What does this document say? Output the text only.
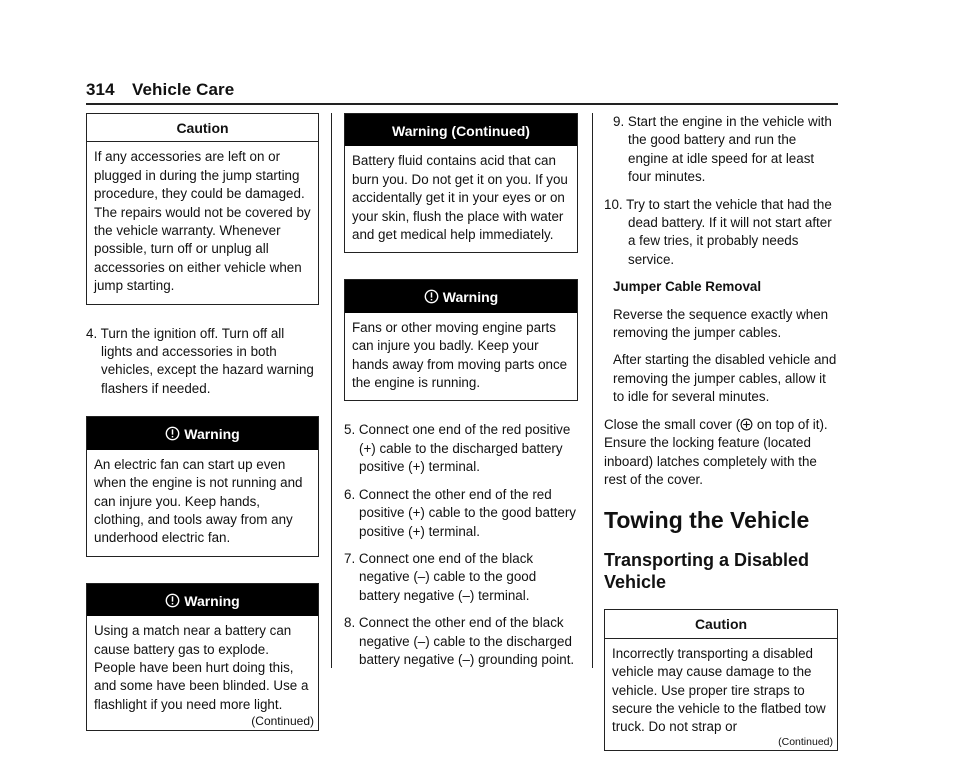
314 Vehicle Care
Caution
If any accessories are left on or plugged in during the jump starting procedure, they could be damaged. The repairs would not be covered by the vehicle warranty. Whenever possible, turn off or unplug all accessories on either vehicle when jump starting.
4. Turn the ignition off. Turn off all lights and accessories in both vehicles, except the hazard warning flashers if needed.
Warning
An electric fan can start up even when the engine is not running and can injure you. Keep hands, clothing, and tools away from any underhood electric fan.
Warning
Using a match near a battery can cause battery gas to explode. People have been hurt doing this, and some have been blinded. Use a flashlight if you need more light.
(Continued)
Warning (Continued)
Battery fluid contains acid that can burn you. Do not get it on you. If you accidentally get it in your eyes or on your skin, flush the place with water and get medical help immediately.
Warning
Fans or other moving engine parts can injure you badly. Keep your hands away from moving parts once the engine is running.
5. Connect one end of the red positive (+) cable to the discharged battery positive (+) terminal.
6. Connect the other end of the red positive (+) cable to the good battery positive (+) terminal.
7. Connect one end of the black negative (–) cable to the good battery negative (–) terminal.
8. Connect the other end of the black negative (–) cable to the discharged battery negative (–) grounding point.
9. Start the engine in the vehicle with the good battery and run the engine at idle speed for at least four minutes.
10. Try to start the vehicle that had the dead battery. If it will not start after a few tries, it probably needs service.
Jumper Cable Removal

Reverse the sequence exactly when removing the jumper cables.

After starting the disabled vehicle and removing the jumper cables, allow it to idle for several minutes.

Close the small cover ( on top of it). Ensure the locking feature (located inboard) latches completely with the rest of the cover.

Towing the Vehicle
Transporting a Disabled Vehicle
Caution
Incorrectly transporting a disabled vehicle may cause damage to the vehicle. Use proper tire straps to secure the vehicle to the flatbed tow truck. Do not strap or
(Continued)
